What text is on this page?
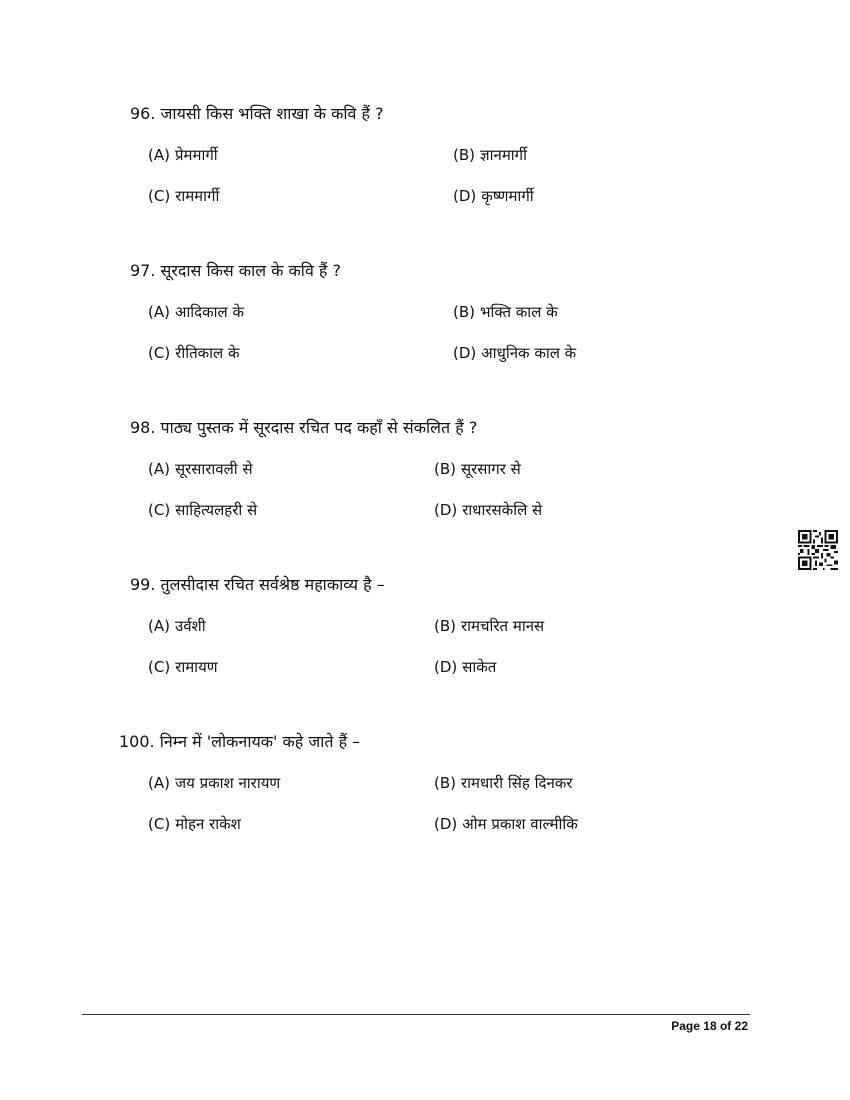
96. जायसी किस भक्ति शाखा के कवि हैं ?
(A) प्रेममार्गी	(B) ज्ञानमार्गी
(C) राममार्गी	(D) कृष्णमार्गी
97. सूरदास किस काल के कवि हैं ?
(A) आदिकाल के	(B) भक्ति काल के
(C) रीतिकाल के	(D) आधुनिक काल के
98. पाठ्य पुस्तक में सूरदास रचित पद कहाँ से संकलित हैं ?
(A) सूरसारावली से	(B) सूरसागर से
(C) साहित्यलहरी से	(D) राधारसकेलि से
99. तुलसीदास रचित सर्वश्रेष्ठ महाकाव्य है –
(A) उर्वशी	(B) रामचरित मानस
(C) रामायण	(D) साकेत
100. निम्न में 'लोकनायक' कहे जाते हैं –
(A) जय प्रकाश नारायण	(B) रामधारी सिंह दिनकर
(C) मोहन राकेश	(D) ओम प्रकाश वाल्मीकि
Page 18 of 22
